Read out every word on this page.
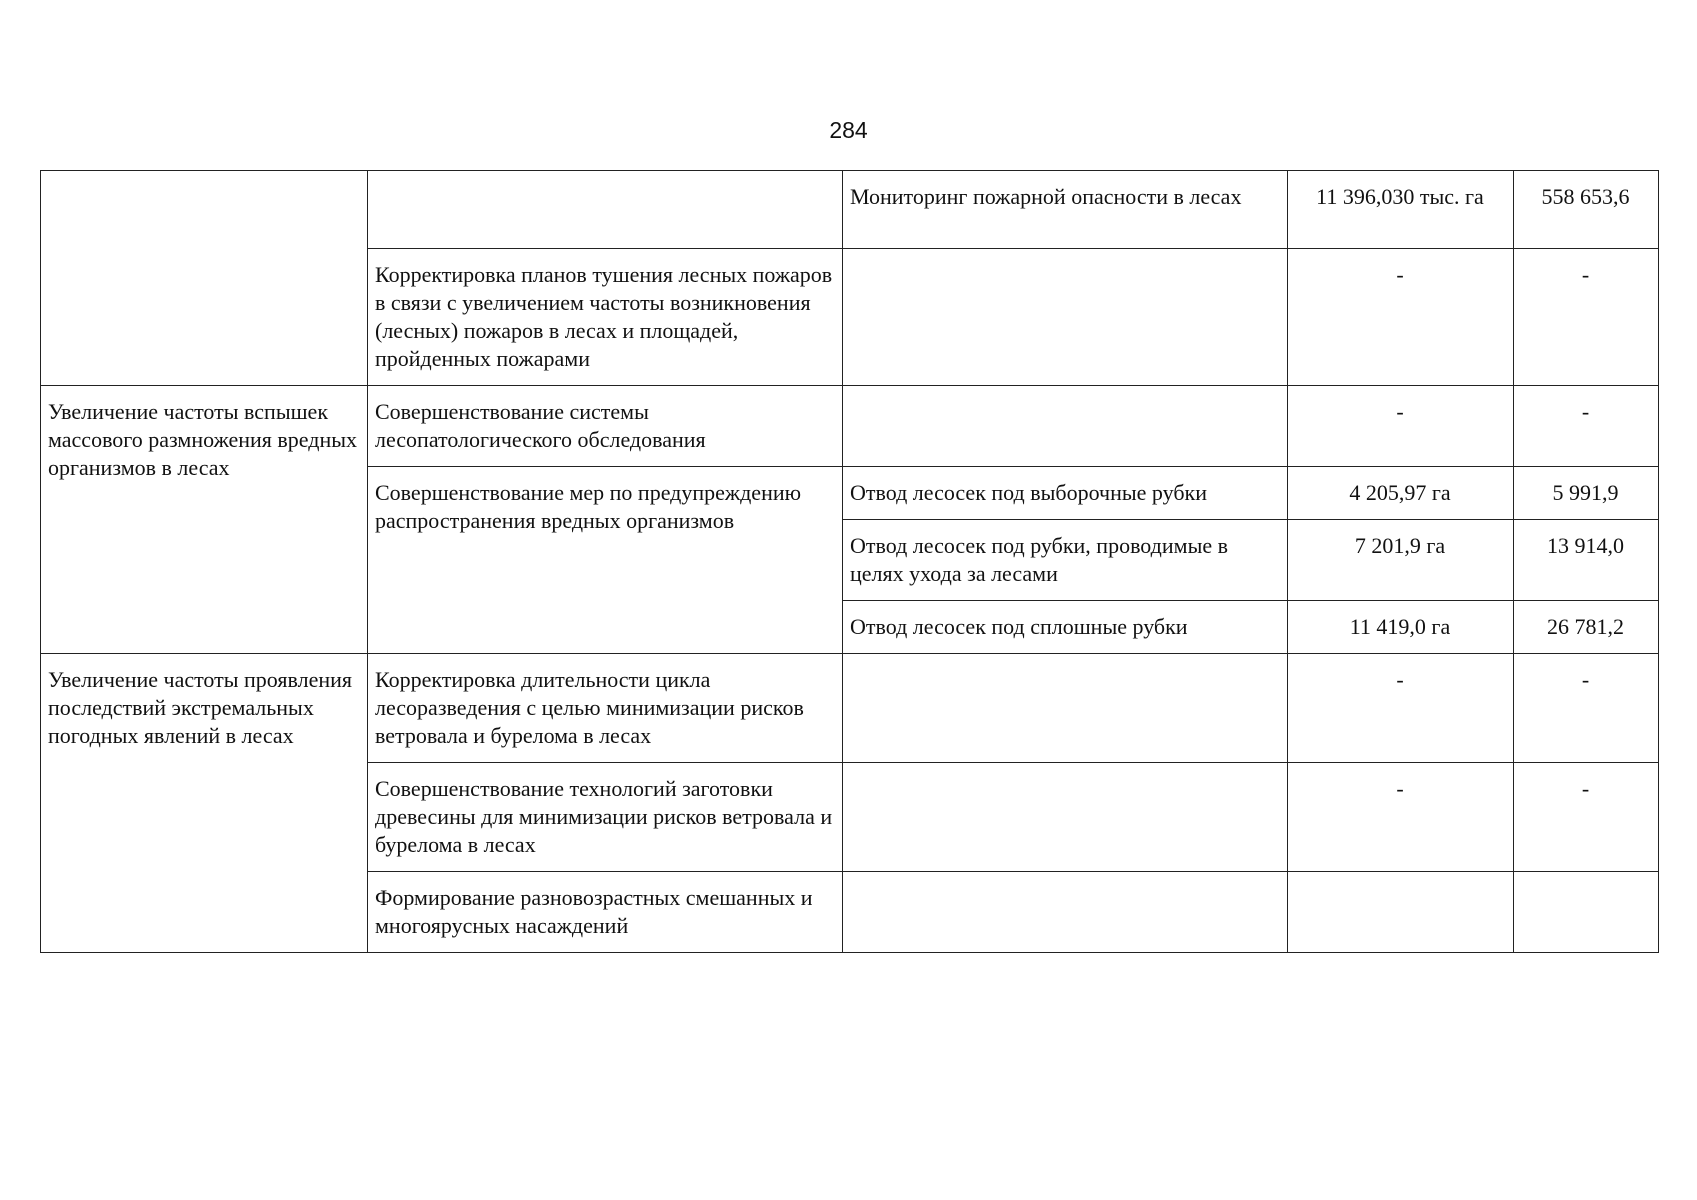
284
		Мониторинг пожарной опасности в лесах	11 396,030 тыс. га	558 653,6
	Корректировка планов тушения лесных пожаров в связи с увеличением частоты возникновения (лесных) пожаров в лесах и площадей, пройденных пожарами		-	-
Увеличение частоты вспышек массового размножения вредных организмов в лесах	Совершенствование системы лесопатологического обследования		-	-
	Совершенствование мер по предупреждению распространения вредных организмов	Отвод лесосек под выборочные рубки	4 205,97 га	5 991,9
		Отвод лесосек под рубки, проводимые в целях ухода за лесами	7 201,9 га	13 914,0
		Отвод лесосек под сплошные рубки	11 419,0 га	26 781,2
Увеличение частоты проявления последствий экстремальных погодных явлений в лесах	Корректировка длительности цикла лесоразведения с целью минимизации рисков ветровала и бурелома в лесах		-	-
	Совершенствование технологий заготовки древесины для минимизации рисков ветровала и бурелома в лесах		-	-
	Формирование разновозрастных смешанных и многоярусных насаждений			
